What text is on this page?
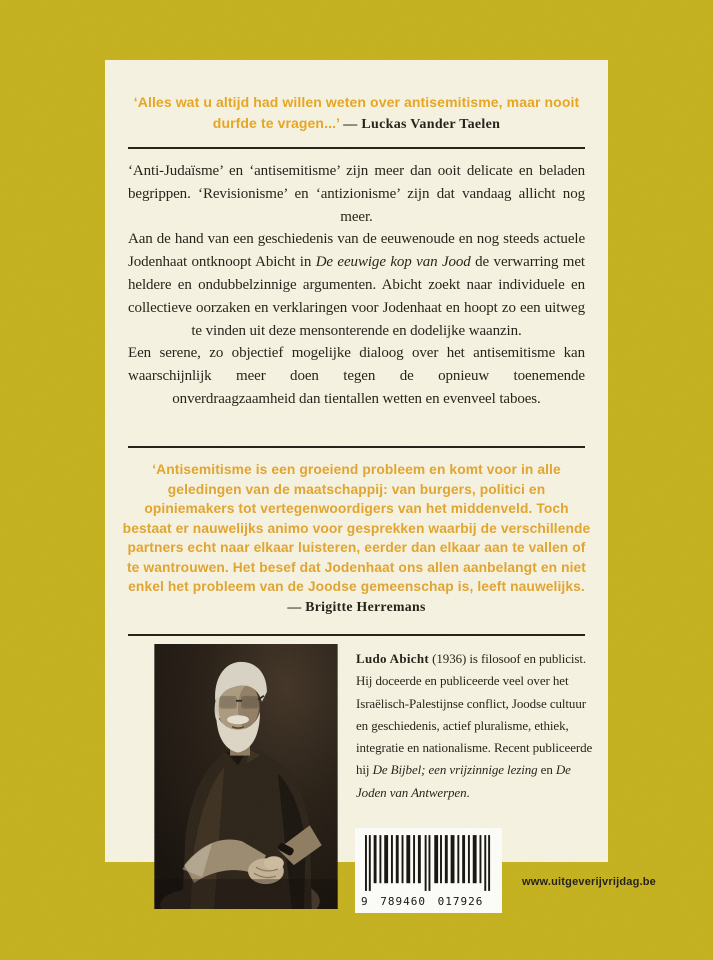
‘Alles wat u altijd had willen weten over antisemitisme, maar nooit durfde te vragen...’ — Luckas Vander Taelen

‘Anti-Judaïsme’ en ‘antisemitisme’ zijn meer dan ooit delicate en beladen begrippen. ‘Revisionisme’ en ‘antizionisme’ zijn dat vandaag allicht nog meer.

Aan de hand van een geschiedenis van de eeuwenoude en nog steeds actuele Jodenhaat ontknoopt Abicht in De eeuwige kop van Jood de verwarring met heldere en ondubbelzinnige argumenten. Abicht zoekt naar individuele en collectieve oorzaken en verklaringen voor Jodenhaat en hoopt zo een uitweg te vinden uit deze mensonterende en dodelijke waanzin.

Een serene, zo objectief mogelijke dialoog over het antisemitisme kan waarschijnlijk meer doen tegen de opnieuw toenemende onverdraagzaamheid dan tientallen wetten en evenveel taboes.

‘Antisemitisme is een groeiend probleem en komt voor in alle geledingen van de maatschappij: van burgers, politici en opiniemakers tot vertegenwoordigers van het middenveld. Toch bestaat er nauwelijks animo voor gesprekken waarbij de verschillende partners echt naar elkaar luisteren, eerder dan elkaar aan te vallen of te wantrouwen. Het besef dat Jodenhaat ons allen aanbelangt en niet enkel het probleem van de Joodse gemeenschap is, leeft nauwelijks. — Brigitte Herremans
Ludo Abicht (1936) is filosoof en publicist. Hij doceerde en publiceerde veel over het Israëlisch-Palestijnse conflict, Joodse cultuur en geschiedenis, actief pluralisme, ethiek, integratie en nationalisme. Recent publiceerde hij De Bijbel; een vrijzinnige lezing en De Joden van Antwerpen.
9 789460 017926
www.uitgeverijvrijdag.be
